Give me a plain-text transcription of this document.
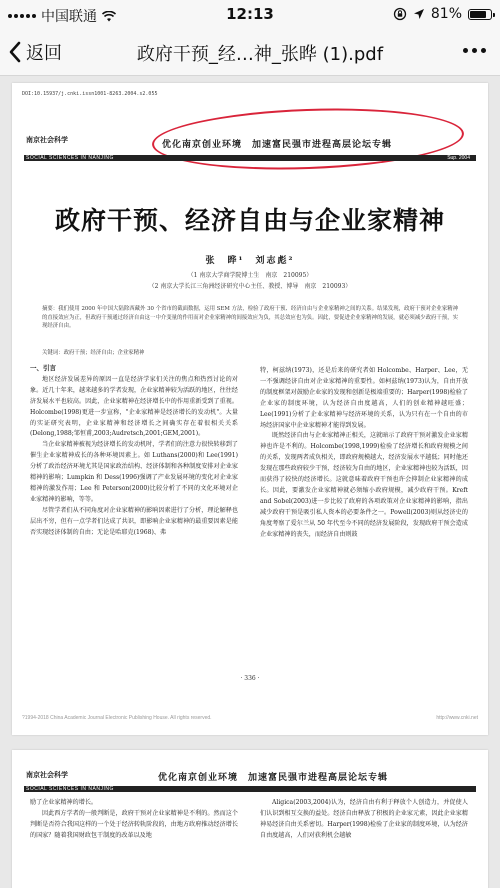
中国联通	12:13	81%
返回	政府干预_经…神_张晔 (1).pdf
DOI:10.15937/j.cnki.issn1001-8263.2004.s2.055
南京社会科学
优化南京创业环境　加速富民强市进程高层论坛专辑
SOCIAL SCIENCES IN NANJING	Sup. 2004
政府干预、经济自由与企业家精神
张　晔¹　刘志彪²
（1 南京大学商学院博士生　南京　210095）
（2 南京大学长江三角洲经济研究中心主任、教授、博导　南京　210093）
摘要：我们使用 2000 年中国大陆除西藏外 30 个省市的截面数据，运用 SEM 方法，检验了政府干预、经济自由与企业家精神之间的关系。结果发现，政府干预对企业家精神的直接效应为正，但政府干预通过经济自由这一中介变量的作用而对企业家精神的间接效应为负，其总效应也为负。因此，要促进企业家精神的发展，就必须减少政府干预，实现经济自由。
关键词：政府干预；经济自由；企业家精神
一、引言

地区经济发展差异的原因一直是经济学家们关注的焦点和热烈讨论的对象。近几十年来，越来越多的学者发现，企业家精神较为活跃的地区，往往经济发展水平也较高。因此，企业家精神在经济增长中的作用重新受到了重视。Holcombe(1998)更进一步宣称，"企业家精神是经济增长的发动机"。大量的实证研究表明，企业家精神和经济增长之间确实存在着很相关关系(Delong,1988;邹恒甫,2003;Audretsch,2001;GEM,2001)。

当企业家精神被视为经济增长的发动机时，学者们的注意力很快转移到了催生企业家精神成长的各种环境因素上。如 Luthans(2000)和 Lee(1991)分析了政治经济环境尤其是国家政治结构、经济体制和各种制度安排对企业家精神的影响；Lumpkin 和 Dess(1996)强调了产业发展环境的变化对企业家精神的激发作用；Lee 和 Peterson(2000)比较分析了不同的文化环境对企业家精神的影响，等等。

尽管学者们从不同角度对企业家精神的影响因素进行了分析，理论解释也层出不穷，但有一点学者们达成了共识，即影响企业家精神的最重要因素是能否实现经济体制的自由；无论是哈耶克(1968)、弗

特，柯兹纳(1973)，还是后来的研究者如 Holcombe、Harper、Lee，无一不强调经济自由对企业家精神的重要性。如柯兹纳(1973)认为，自由开放的制度框架对鼓励企业家的发现和创新是极端重要的；Harper(1998)检验了企业家的制度环境，认为经济自由度越高，人们的创业精神越旺盛；Lee(1991)分析了企业家精神与经济环境的关系，认为只有在一个自由的市场经济国家中企业家精神才能得到发展。

既然经济自由与企业家精神正相关，这就暗示了政府干预对激发企业家精神也许是不利的。Holcombe(1998,1999)检验了经济增长和政府规模之间的关系，发现两者成负相关，即政府规模越大，经济发展水平越低；同时他还发现在那些政府较少干预，经济较为自由的地区，企业家精神也较为活跃，因而获得了较快的经济增长。这就意味着政府干预也许会抑制企业家精神的成长。因此，要激发企业家精神就必须缩小政府规模，减少政府干预。Kreft and Sobel(2003)进一步比较了政府的各项政策对企业家精神的影响，指出减少政府干预是吸引私人资本的必要条件之一。Powell(2003)则从经济史的角度考察了爱尔兰从 50 年代至今不同的经济发展阶段，发现政府干预会造成企业家精神的丧失，而经济自由则鼓

· 336 ·
?1994-2018 China Academic Journal Electronic Publishing House. All rights reserved.	http://www.cnki.net
南京社会科学	优化南京创业环境　加速富民强市进程高层论坛专辑
SOCIAL SCIENCES IN NANJING

励了企业家精神的增长。

因此西方学者的一般判断是，政府干预对企业家精神是不利的。然而这个判断是否符合我国这样的一个处于经济转轨阶段的，由地方政府推动经济增长的国家？随着我国财政包干制度的改革以及地

Aligica(2003,2004)认为，经济自由有利于释放个人创造力，并促使人们认识到相互交换的益处。经济自由释放了积极的企业家元素，因此企业家精神易经济自由关系密切。Harper(1998)检验了企业家的制度环境，认为经济自由度越高，人们对获利机会越敏
